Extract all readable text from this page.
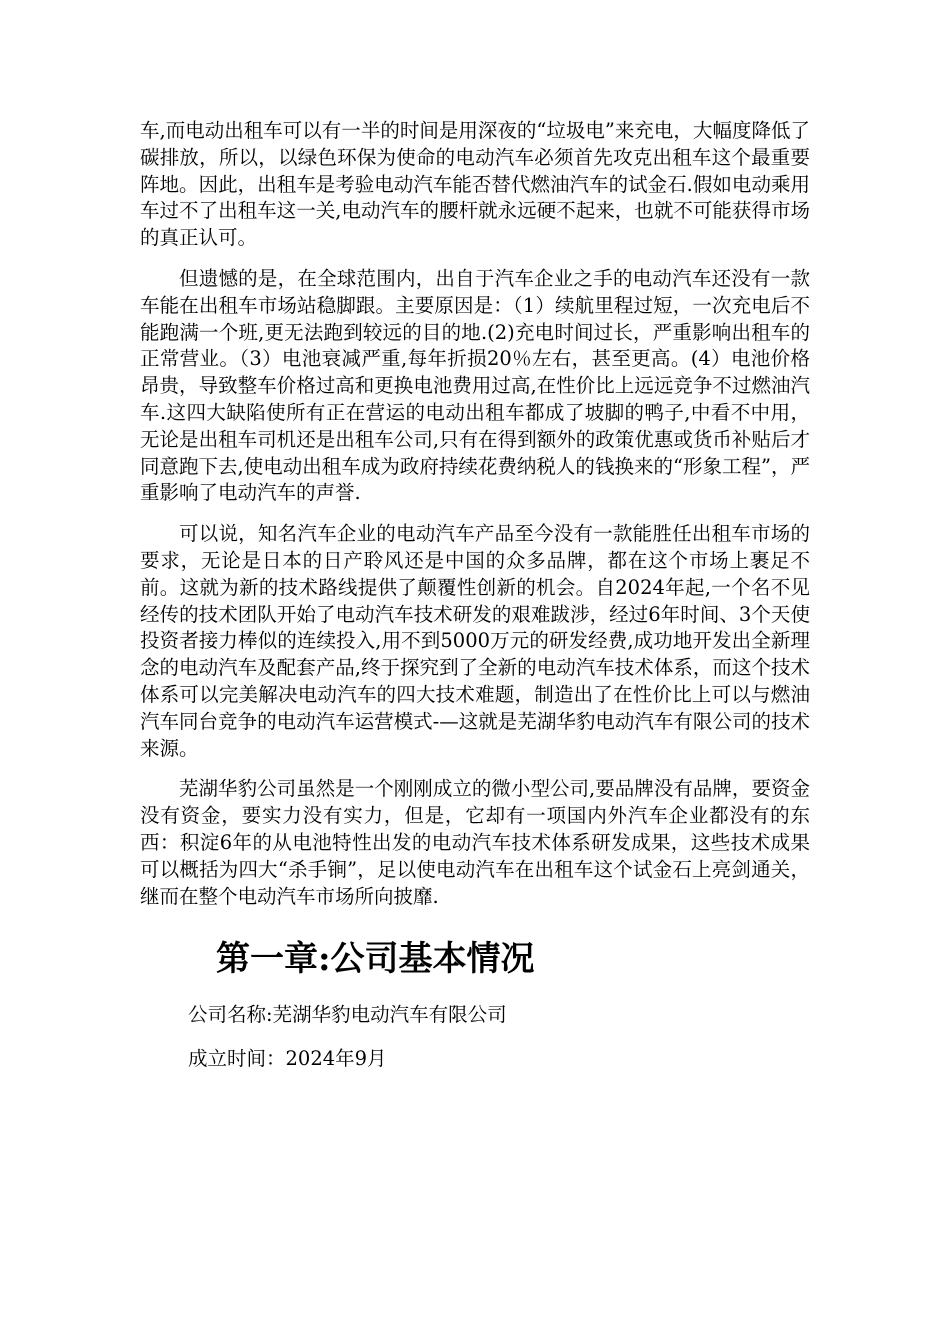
车,而电动出租车可以有一半的时间是用深夜的“垃圾电”来充电，大幅度降低了碳排放，所以，以绿色环保为使命的电动汽车必须首先攻克出租车这个最重要阵地。因此，出租车是考验电动汽车能否替代燃油汽车的试金石.假如电动乘用车过不了出租车这一关,电动汽车的腰杆就永远硬不起来，也就不可能获得市场的真正认可。

但遗憾的是，在全球范围内，出自于汽车企业之手的电动汽车还没有一款车能在出租车市场站稳脚跟。主要原因是：（1）续航里程过短，一次充电后不能跑满一个班,更无法跑到较远的目的地.(2)充电时间过长，严重影响出租车的正常营业。（3）电池衰减严重,每年折损20％左右，甚至更高。(4）电池价格昂贵，导致整车价格过高和更换电池费用过高,在性价比上远远竞争不过燃油汽车.这四大缺陷使所有正在营运的电动出租车都成了坡脚的鸭子,中看不中用，无论是出租车司机还是出租车公司,只有在得到额外的政策优惠或货币补贴后才同意跑下去,使电动出租车成为政府持续花费纳税人的钱换来的“形象工程”，严重影响了电动汽车的声誉.

可以说，知名汽车企业的电动汽车产品至今没有一款能胜任出租车市场的要求，无论是日本的日产聆风还是中国的众多品牌，都在这个市场上裹足不前。这就为新的技术路线提供了颠覆性创新的机会。自2024年起,一个名不见经传的技术团队开始了电动汽车技术研发的艰难跋涉，经过6年时间、3个天使投资者接力棒似的连续投入,用不到5000万元的研发经费,成功地开发出全新理念的电动汽车及配套产品,终于探究到了全新的电动汽车技术体系，而这个技术体系可以完美解决电动汽车的四大技术难题，制造出了在性价比上可以与燃油汽车同台竞争的电动汽车运营模式-—这就是芜湖华豹电动汽车有限公司的技术来源。

芜湖华豹公司虽然是一个刚刚成立的微小型公司,要品牌没有品牌，要资金没有资金，要实力没有实力，但是，它却有一项国内外汽车企业都没有的东西：积淀6年的从电池特性出发的电动汽车技术体系研发成果，这些技术成果可以概括为四大“杀手锏”，足以使电动汽车在出租车这个试金石上亮剑通关，继而在整个电动汽车市场所向披靡.

第一章:公司基本情况

公司名称:芜湖华豹电动汽车有限公司

成立时间：2024年9月
